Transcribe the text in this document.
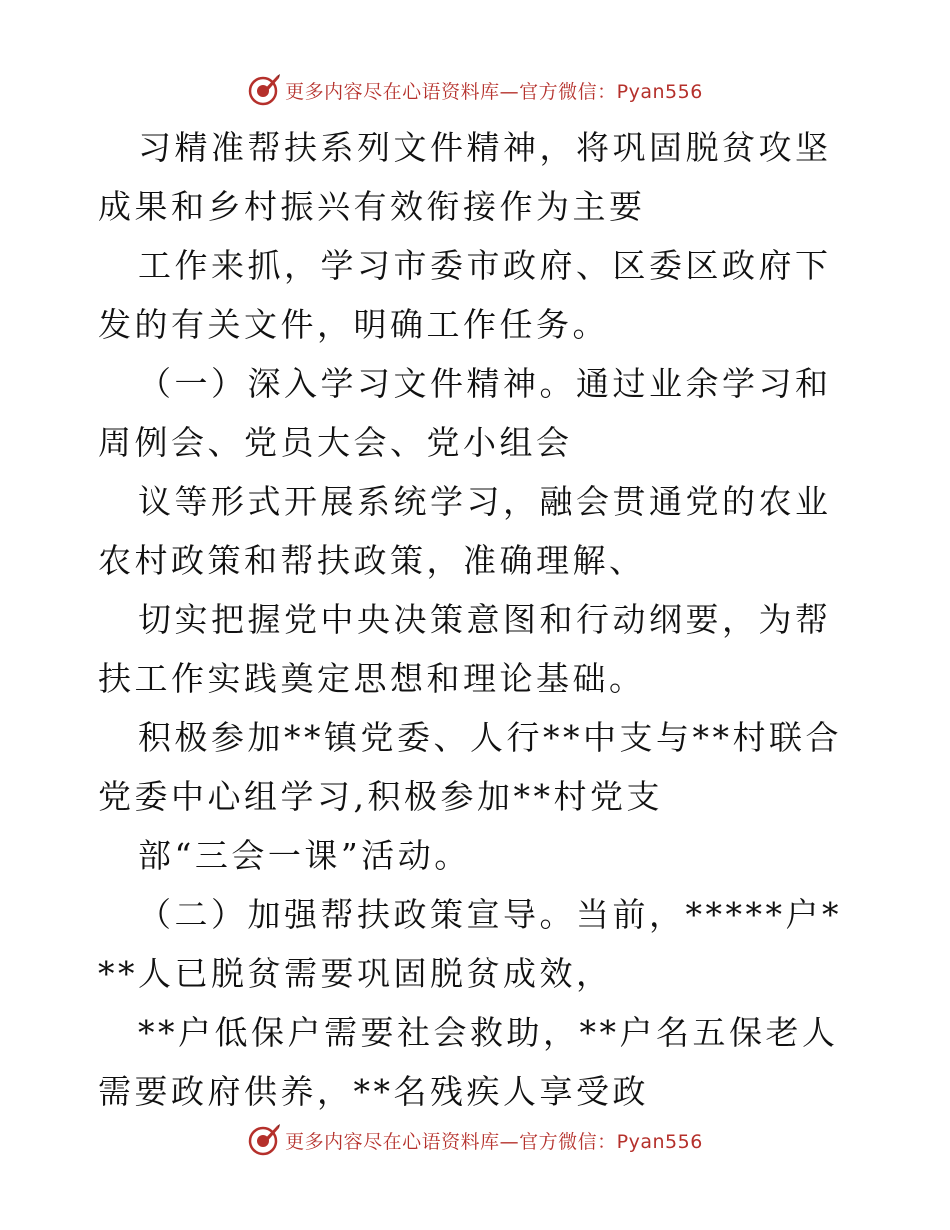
更多内容尽在心语资料库—官方微信：Pyan556

习精准帮扶系列文件精神，将巩固脱贫攻坚成果和乡村振兴有效衔接作为主要

工作来抓，学习市委市政府、区委区政府下发的有关文件，明确工作任务。

（一）深入学习文件精神。通过业余学习和周例会、党员大会、党小组会

议等形式开展系统学习，融会贯通党的农业农村政策和帮扶政策，准确理解、

切实把握党中央决策意图和行动纲要，为帮扶工作实践奠定思想和理论基础。

积极参加**镇党委、人行**中支与**村联合党委中心组学习,积极参加**村党支

部“三会一课”活动。

（二）加强帮扶政策宣导。当前，*****户***人已脱贫需要巩固脱贫成效，

**户低保户需要社会救助，**户名五保老人需要政府供养，**名残疾人享受政

更多内容尽在心语资料库—官方微信：Pyan556
